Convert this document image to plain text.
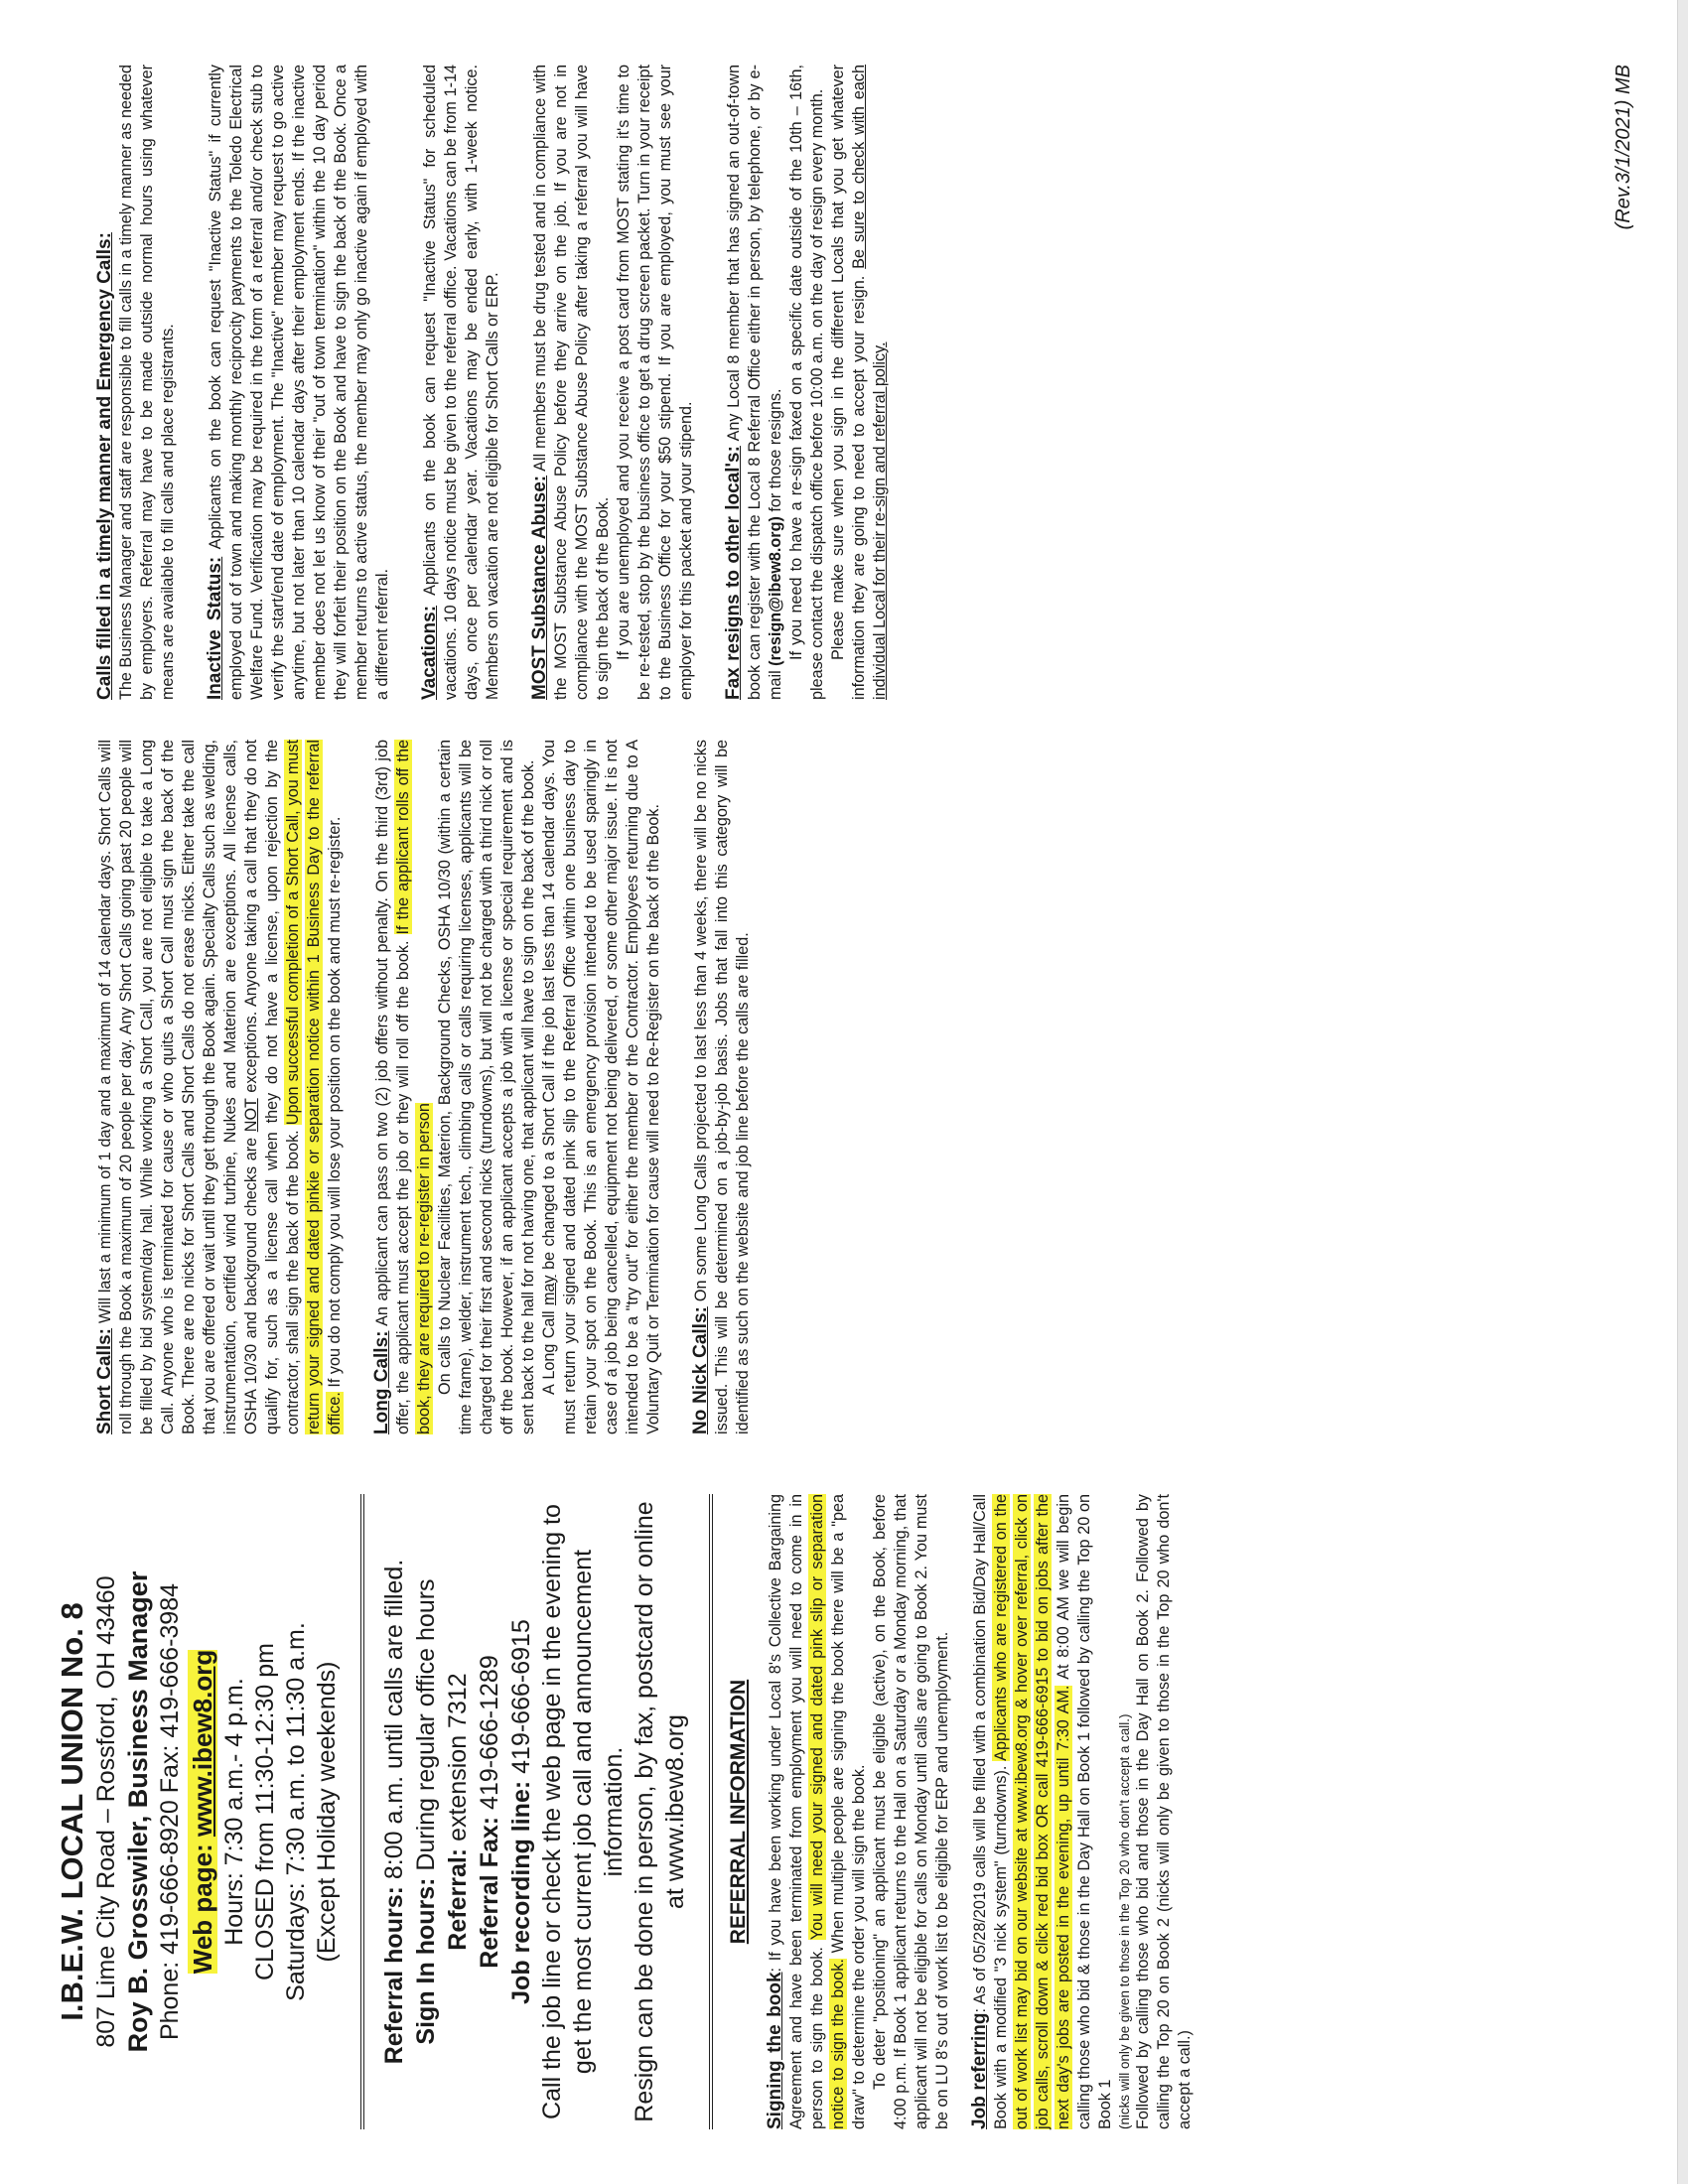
I.B.E.W. LOCAL UNION No. 8 807 Lime City Road – Rossford, OH 43460 Roy B. Grosswiler, Business Manager Phone: 419-666-8920 Fax: 419-666-3984 Web page: www.ibew8.org Hours: 7:30 a.m.- 4 p.m. CLOSED from 11:30-12:30 pm Saturdays: 7:30 a.m. to 11:30 a.m. (Except Holiday weekends)
Referral hours: 8:00 a.m. until calls are filled.
Sign In hours: During regular office hours
Referral: extension 7312
Referral Fax: 419-666-1289
Job recording line: 419-666-6915 Call the job line or check the web page in the evening to get the most current job call and announcement information. Resign can be done in person, by fax, postcard or online at www.ibew8.org REFERRAL INFORMATION

Signing the book: If you have been working under Local 8's Collective Bargaining Agreement and have been terminated from employment you will need to come in in person to sign the book. You will need your signed and dated pink slip or separation notice to sign the book. When multiple people are signing the book there will be a "pea draw" to determine the order you will sign the book. To deter "positioning" an applicant must be eligible (active), on the Book, before 4:00 p.m. If Book 1 applicant returns to the Hall on a Saturday or a Monday morning, that applicant will not be eligible for calls on Monday until calls are going to Book 2. You must be on LU 8's out of work list to be eligible for ERP and unemployment. Job referring: As of 05/28/2019 calls will be filled with a combination Bid/Day Hall/Call Book with a modified "3 nick system" (turndowns). Applicants who are registered on the out of work list may bid on our website at www.ibew8.org & hover over referral, click on job calls, scroll down & click red bid box OR call 419-666-6915 to bid on jobs after the next day's jobs are posted in the evening, up until 7:30 AM. At 8:00 AM we will begin calling those who bid & those in the Day Hall on Book 1 followed by calling the Top 20 on Book 1 (nicks will only be given to those in the Top 20 who don't accept a call.) Followed by calling those who bid and those in the Day Hall on Book 2. Followed by calling the Top 20 on Book 2 (nicks will only be given to those in the Top 20 who don't accept a call.)

Short Calls: Will last a minimum of 1 day and a maximum of 14 calendar days. Short Calls will roll through the Book a maximum of 20 people per day. Any Short Calls going past 20 people will be filled by bid system/day hall. While working a Short Call, you are not eligible to take a Long Call. Anyone who is terminated for cause or who quits a Short Call must sign the back of the Book. There are no nicks for Short Calls and Short Calls do not erase nicks. Either take the call that you are offered or wait until they get through the Book again. Specialty Calls such as welding, instrumentation, certified wind turbine, Nukes and Materion are exceptions. All license calls, OSHA 10/30 and background checks are NOT exceptions. Anyone taking a call that they do not qualify for, such as a license call when they do not have a license, upon rejection by the contractor, shall sign the back of the book. Upon successful completion of a Short Call, you must return your signed and dated pinkie or separation notice within 1 Business Day to the referral office. If you do not comply you will lose your position on the book and must re-register. Long Calls: An applicant can pass on two (2) job offers without penalty. On the third (3rd) job offer, the applicant must accept the job or they will roll off the book. If the applicant rolls off the book, they are required to re-register in person On calls to Nuclear Facilities, Materion, Background Checks, OSHA 10/30 (within a certain time frame), welder, instrument tech., climbing calls or calls requiring licenses, applicants will be charged for their first and second nicks (turndowns), but will not be charged with a third nick or roll off the book. However, if an applicant accepts a job with a license or special requirement and is sent back to the hall for not having one, that applicant will have to sign on the back of the book. A Long Call may be changed to a Short Call if the job last less than 14 calendar days. You must return your signed and dated pink slip to the Referral Office within one business day to retain your spot on the Book. This is an emergency provision intended to be used sparingly in case of a job being cancelled, equipment not being delivered, or some other major issue. It is not intended to be a "try out" for either the member or the Contractor. Employees returning due to A Voluntary Quit or Termination for cause will need to Re-Register on the back of the Book. No Nick Calls: On some Long Calls projected to last less than 4 weeks, there will be no nicks issued. This will be determined on a job-by-job basis. Jobs that fall into this category will be identified as such on the website and job line before the calls are filled.

Calls filled in a timely manner and Emergency Calls: The Business Manager and staff are responsible to fill calls in a timely manner as needed by employers. Referral may have to be made outside normal hours using whatever means are available to fill calls and place registrants. Inactive Status: Applicants on the book can request "Inactive Status" if currently employed out of town and making monthly reciprocity payments to the Toledo Electrical Welfare Fund. Verification may be required in the form of a referral and/or check stub to verify the start/end date of employment. The "Inactive" member may request to go active anytime, but not later than 10 calendar days after their employment ends. If the inactive member does not let us know of their "out of town termination" within the 10 day period they will forfeit their position on the Book and have to sign the back of the Book. Once a member returns to active status, the member may only go inactive again if employed with a different referral. Vacations: Applicants on the book can request "Inactive Status" for scheduled vacations. 10 days notice must be given to the referral office. Vacations can be from 1-14 days, once per calendar year. Vacations may be ended early, with 1-week notice. Members on vacation are not eligible for Short Calls or ERP. MOST Substance Abuse: All members must be drug tested and in compliance with the MOST Substance Abuse Policy before they arrive on the job. If you are not in compliance with the MOST Substance Abuse Policy after taking a referral you will have to sign the back of the Book. If you are unemployed and you receive a post card from MOST stating it's time to be re-tested, stop by the business office to get a drug screen packet. Turn in your receipt to the Business Office for your $50 stipend. If you are employed, you must see your employer for this packet and your stipend. Fax resigns to other local's: Any Local 8 member that has signed an out-of-town book can register with the Local 8 Referral Office either in person, by telephone, or by e-mail (resign@ibew8.org) for those resigns. If you need to have a re-sign faxed on a specific date outside of the 10th – 16th, please contact the dispatch office before 10:00 a.m. on the day of resign every month. Please make sure when you sign in the different Locals that you get whatever information they are going to need to accept your resign. Be sure to check with each individual Local for their re-sign and referral policy.

(Rev.3/1/2021) MB
